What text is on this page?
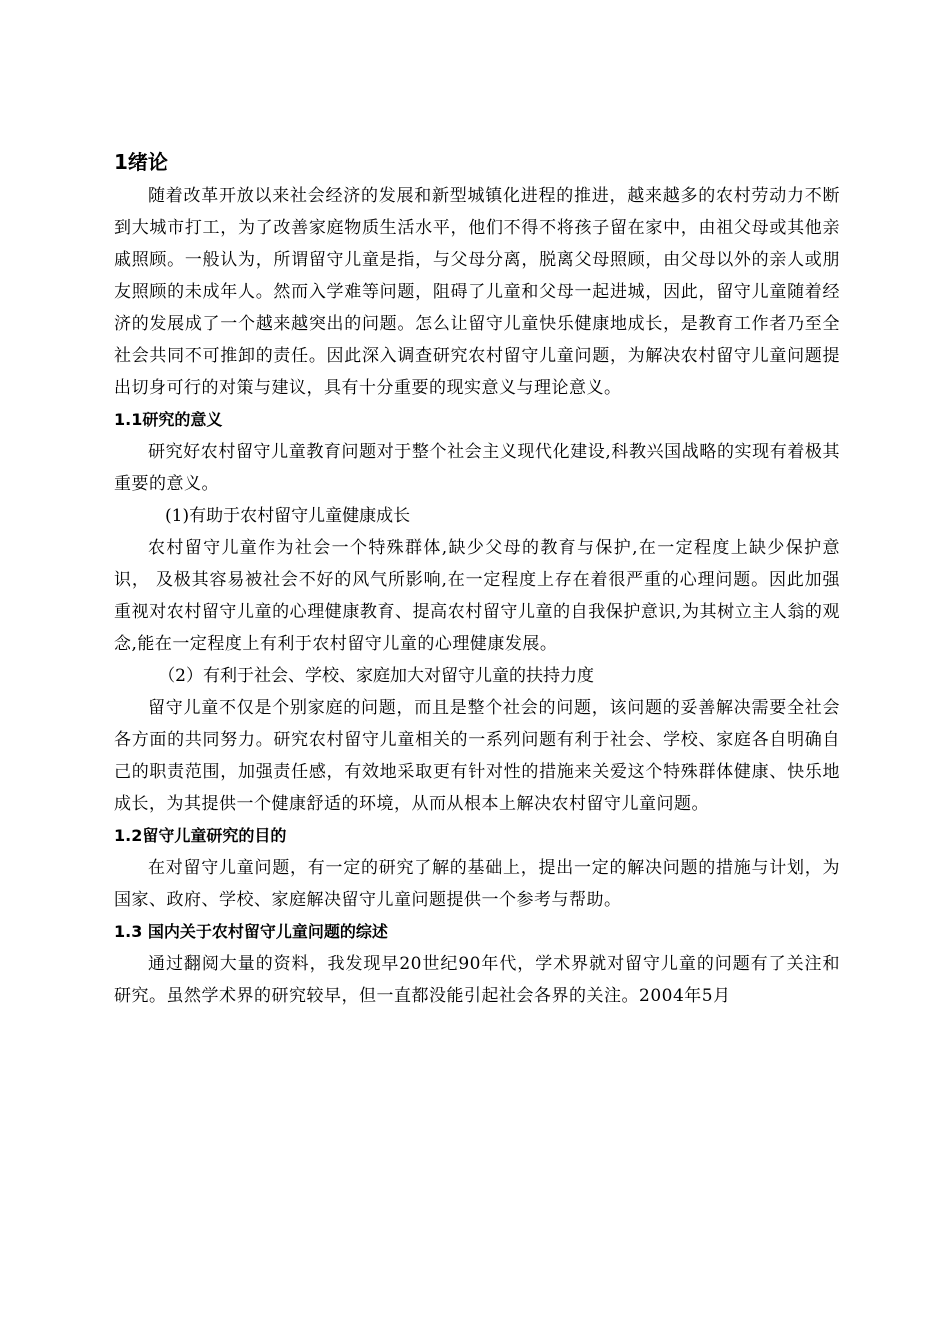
1绪论

随着改革开放以来社会经济的发展和新型城镇化进程的推进，越来越多的农村劳动力不断到大城市打工，为了改善家庭物质生活水平，他们不得不将孩子留在家中，由祖父母或其他亲戚照顾。一般认为，所谓留守儿童是指，与父母分离，脱离父母照顾，由父母以外的亲人或朋友照顾的未成年人。然而入学难等问题，阻碍了儿童和父母一起进城，因此，留守儿童随着经济的发展成了一个越来越突出的问题。怎么让留守儿童快乐健康地成长，是教育工作者乃至全社会共同不可推卸的责任。因此深入调查研究农村留守儿童问题，为解决农村留守儿童问题提出切身可行的对策与建议，具有十分重要的现实意义与理论意义。

1.1研究的意义

研究好农村留守儿童教育问题对于整个社会主义现代化建设,科教兴国战略的实现有着极其重要的意义。

(1)有助于农村留守儿童健康成长

农村留守儿童作为社会一个特殊群体,缺少父母的教育与保护,在一定程度上缺少保护意识， 及极其容易被社会不好的风气所影响,在一定程度上存在着很严重的心理问题。因此加强重视对农村留守儿童的心理健康教育、提高农村留守儿童的自我保护意识,为其树立主人翁的观念,能在一定程度上有利于农村留守儿童的心理健康发展。

（2）有利于社会、学校、家庭加大对留守儿童的扶持力度

留守儿童不仅是个别家庭的问题，而且是整个社会的问题，该问题的妥善解决需要全社会各方面的共同努力。研究农村留守儿童相关的一系列问题有利于社会、学校、家庭各自明确自己的职责范围，加强责任感，有效地采取更有针对性的措施来关爱这个特殊群体健康、快乐地成长，为其提供一个健康舒适的环境，从而从根本上解决农村留守儿童问题。

1.2留守儿童研究的目的

在对留守儿童问题，有一定的研究了解的基础上，提出一定的解决问题的措施与计划，为国家、政府、学校、家庭解决留守儿童问题提供一个参考与帮助。

1.3 国内关于农村留守儿童问题的综述

通过翻阅大量的资料，我发现早20世纪90年代，学术界就对留守儿童的问题有了关注和研究。虽然学术界的研究较早，但一直都没能引起社会各界的关注。2004年5月
